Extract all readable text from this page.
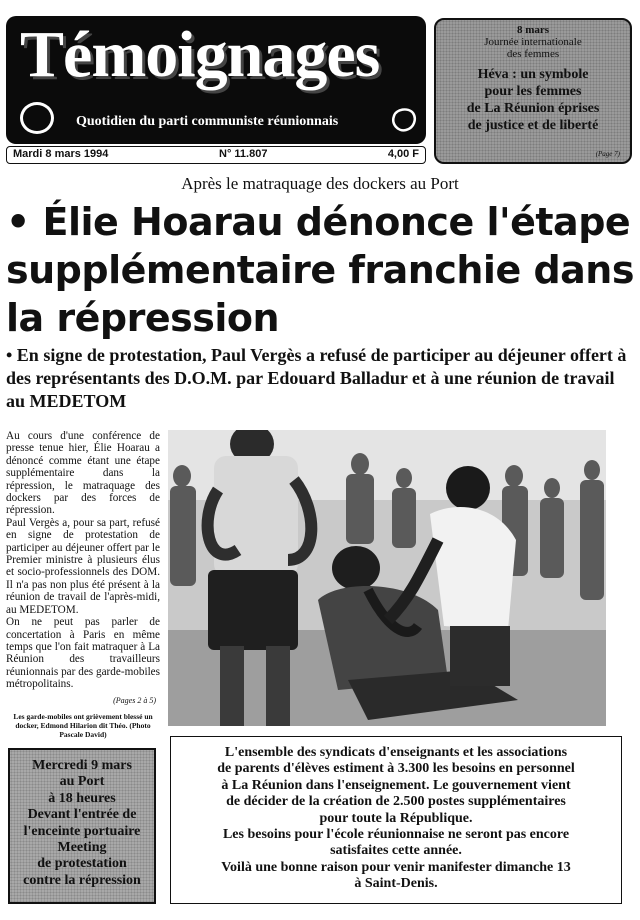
Témoignages
Quotidien du parti communiste réunionnais
Mardi 8 mars 1994	N° 11.807	4,00 F
8 mars
Journée internationale
des femmes
Héva : un symbole
pour les femmes
de La Réunion éprises
de justice et de liberté
(Page 7)
Après le matraquage des dockers au Port
• Élie Hoarau dénonce l'étape supplémentaire franchie dans la répression
• En signe de protestation, Paul Vergès a refusé de participer au déjeuner offert à des représentants des D.O.M. par Edouard Balladur et à une réunion de travail au MEDETOM

Au cours d'une conférence de presse tenue hier, Élie Hoarau a dénoncé comme étant une étape supplémentaire dans la répression, le matraquage des dockers par des forces de répression.

Paul Vergès a, pour sa part, refusé en signe de protestation de participer au déjeuner offert par le Premier ministre à plusieurs élus et socio-professionnels des DOM. Il n'a pas non plus été présent à la réunion de travail de l'après-midi, au MEDETOM.

On ne peut pas parler de concertation à Paris en même temps que l'on fait matraquer à La Réunion des travailleurs réunionnais par des garde-mobiles métropolitains.

(Pages 2 à 5)
Les garde-mobiles ont grièvement blessé un docker, Edmond Hilarion dit Théo. (Photo Pascale David)
Mercredi 9 mars
au Port
à 18 heures
Devant l'entrée de
l'enceinte portuaire
Meeting
de protestation
contre la répression
L'ensemble des syndicats d'enseignants et les associations
de parents d'élèves estiment à 3.300 les besoins en personnel
à La Réunion dans l'enseignement. Le gouvernement vient
de décider de la création de 2.500 postes supplémentaires
pour toute la République.
Les besoins pour l'école réunionnaise ne seront pas encore
satisfaites cette année.
Voilà une bonne raison pour venir manifester dimanche 13
à Saint-Denis.
